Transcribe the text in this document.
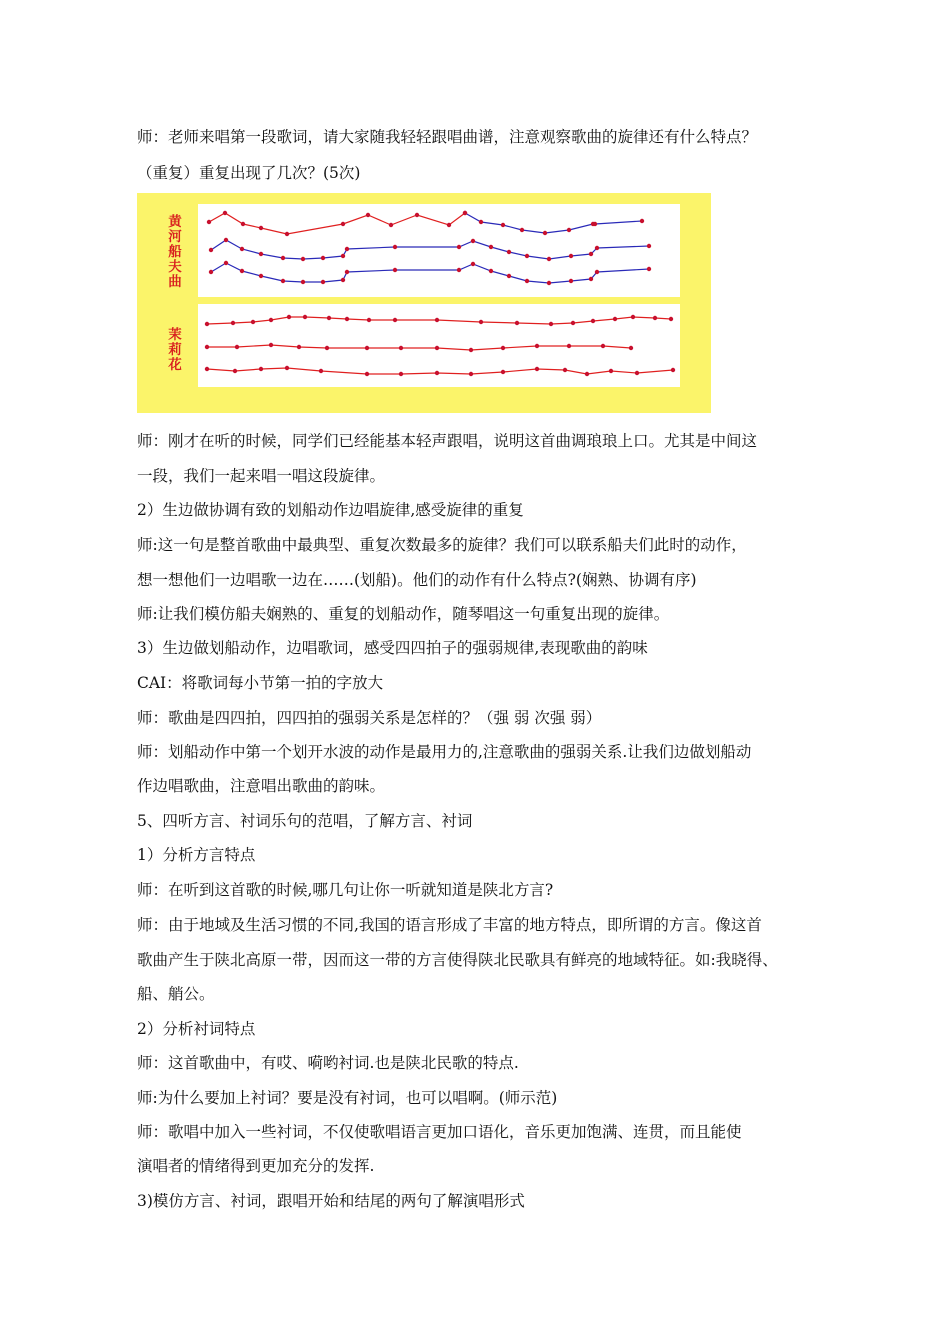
师：老师来唱第一段歌词，请大家随我轻轻跟唱曲谱，注意观察歌曲的旋律还有什么特点？
（重复）重复出现了几次？(5次)
黄
河
船
夫
曲
茉
莉
花
师：刚才在听的时候，同学们已经能基本轻声跟唱，说明这首曲调琅琅上口。尤其是中间这
一段，我们一起来唱一唱这段旋律。
2）生边做协调有致的划船动作边唱旋律,感受旋律的重复
师:这一句是整首歌曲中最典型、重复次数最多的旋律？我们可以联系船夫们此时的动作，
想一想他们一边唱歌一边在……(划船)。他们的动作有什么特点?(娴熟、协调有序)
师:让我们模仿船夫娴熟的、重复的划船动作，随琴唱这一句重复出现的旋律。
3）生边做划船动作，边唱歌词，感受四四拍子的强弱规律,表现歌曲的韵味
CAI：将歌词每小节第一拍的字放大
师：歌曲是四四拍，四四拍的强弱关系是怎样的？（强 弱 次强 弱）
师：划船动作中第一个划开水波的动作是最用力的,注意歌曲的强弱关系.让我们边做划船动
作边唱歌曲，注意唱出歌曲的韵味。
5、四听方言、衬词乐句的范唱，了解方言、衬词
1）分析方言特点
师：在听到这首歌的时候,哪几句让你一听就知道是陕北方言?
师：由于地域及生活习惯的不同,我国的语言形成了丰富的地方特点，即所谓的方言。像这首
歌曲产生于陕北高原一带，因而这一带的方言使得陕北民歌具有鲜亮的地域特征。如:我晓得、
船、艄公。
2）分析衬词特点
师：这首歌曲中，有哎、嗬哟衬词.也是陕北民歌的特点.
师:为什么要加上衬词？要是没有衬词，也可以唱啊。(师示范)
师：歌唱中加入一些衬词，不仅使歌唱语言更加口语化，音乐更加饱满、连贯，而且能使
演唱者的情绪得到更加充分的发挥.
3)模仿方言、衬词，跟唱开始和结尾的两句了解演唱形式
